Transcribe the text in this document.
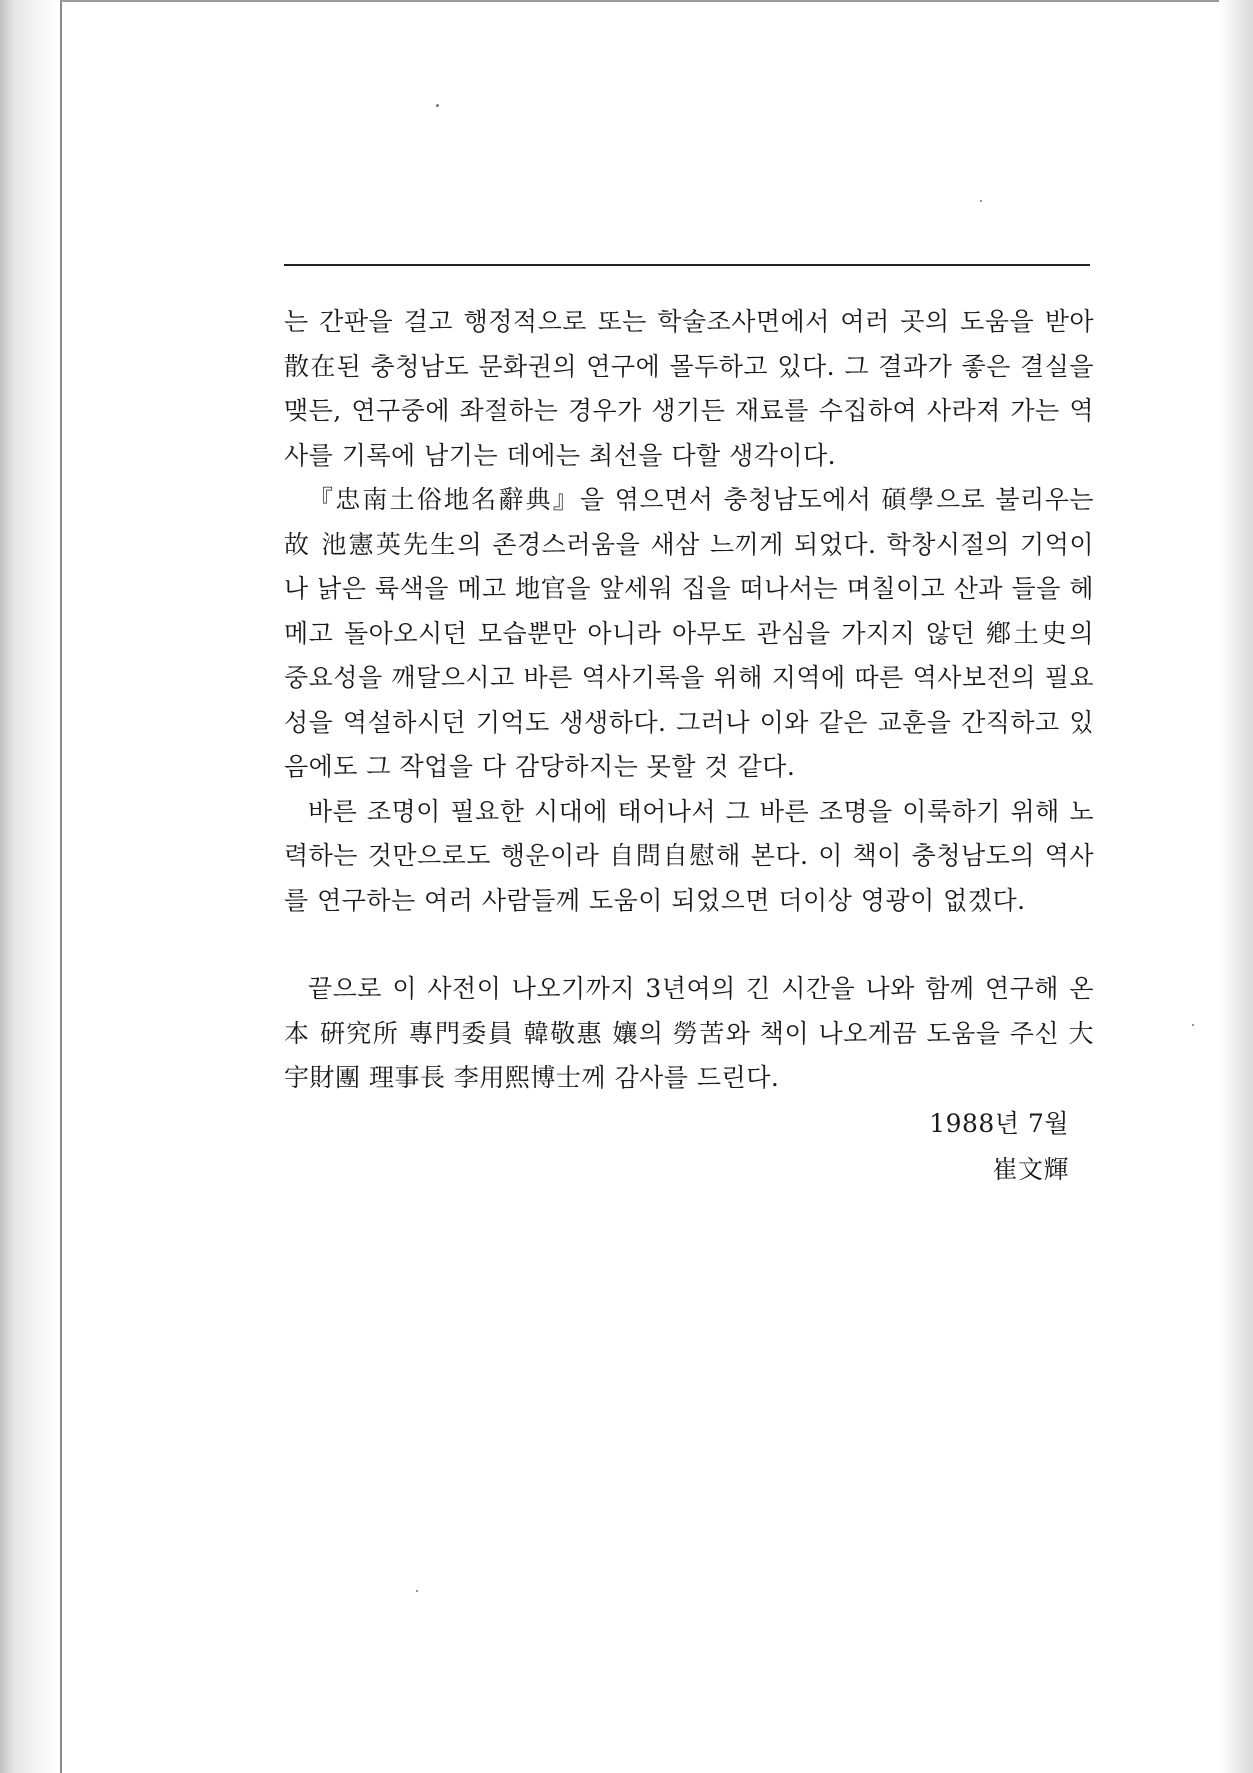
는 간판을 걸고 행정적으로 또는 학술조사면에서 여러 곳의 도움을 받아 散在된 충청남도 문화권의 연구에 몰두하고 있다. 그 결과가 좋은 결실을 맺든, 연구중에 좌절하는 경우가 생기든 재료를 수집하여 사라져 가는 역사를 기록에 남기는 데에는 최선을 다할 생각이다.

『忠南土俗地名辭典』을 엮으면서 충청남도에서 碩學으로 불리우는 故 池憲英先生의 존경스러움을 새삼 느끼게 되었다. 학창시절의 기억이나 낡은 륙색을 메고 地官을 앞세워 집을 떠나서는 며칠이고 산과 들을 헤메고 돌아오시던 모습뿐만 아니라 아무도 관심을 가지지 않던 鄕土史의 중요성을 깨달으시고 바른 역사기록을 위해 지역에 따른 역사보전의 필요성을 역설하시던 기억도 생생하다. 그러나 이와 같은 교훈을 간직하고 있음에도 그 작업을 다 감당하지는 못할 것 같다.

바른 조명이 필요한 시대에 태어나서 그 바른 조명을 이룩하기 위해 노력하는 것만으로도 행운이라 自問自慰해 본다. 이 책이 충청남도의 역사를 연구하는 여러 사람들께 도움이 되었으면 더이상 영광이 없겠다.

끝으로 이 사전이 나오기까지 3년여의 긴 시간을 나와 함께 연구해 온 本 硏究所 專門委員 韓敬惠 孃의 勞苦와 책이 나오게끔 도움을 주신 大宇財團 理事長 李用熙博士께 감사를 드린다.

1988년 7월

崔文輝
